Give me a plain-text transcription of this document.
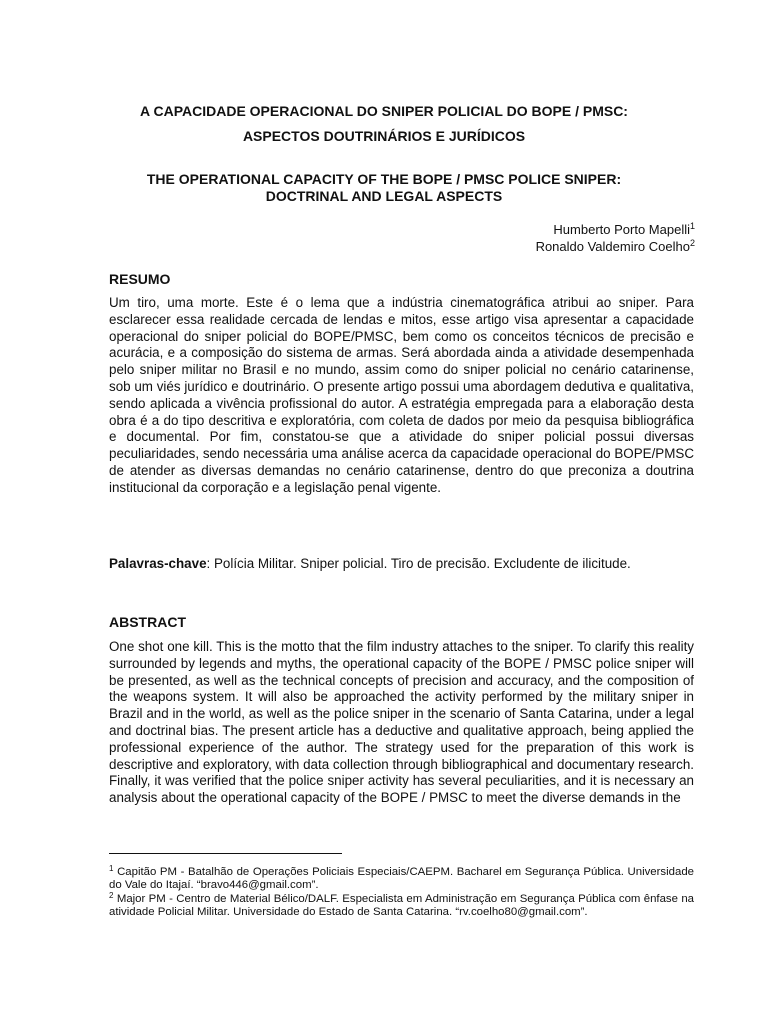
A CAPACIDADE OPERACIONAL DO SNIPER POLICIAL DO BOPE / PMSC:
ASPECTOS DOUTRINÁRIOS E JURÍDICOS
THE OPERATIONAL CAPACITY OF THE BOPE / PMSC POLICE SNIPER:
DOCTRINAL AND LEGAL ASPECTS
Humberto Porto Mapelli$^1$
Ronaldo Valdemiro Coelho$^2$
RESUMO
Um tiro, uma morte. Este é o lema que a indústria cinematográfica atribui ao sniper. Para esclarecer essa realidade cercada de lendas e mitos, esse artigo visa apresentar a capacidade operacional do sniper policial do BOPE/PMSC, bem como os conceitos técnicos de precisão e acurácia, e a composição do sistema de armas. Será abordada ainda a atividade desempenhada pelo sniper militar no Brasil e no mundo, assim como do sniper policial no cenário catarinense, sob um viés jurídico e doutrinário. O presente artigo possui uma abordagem dedutiva e qualitativa, sendo aplicada a vivência profissional do autor. A estratégia empregada para a elaboração desta obra é a do tipo descritiva e exploratória, com coleta de dados por meio da pesquisa bibliográfica e documental. Por fim, constatou-se que a atividade do sniper policial possui diversas peculiaridades, sendo necessária uma análise acerca da capacidade operacional do BOPE/PMSC de atender as diversas demandas no cenário catarinense, dentro do que preconiza a doutrina institucional da corporação e a legislação penal vigente.
Palavras-chave: Polícia Militar. Sniper policial. Tiro de precisão. Excludente de ilicitude.
ABSTRACT
One shot one kill. This is the motto that the film industry attaches to the sniper. To clarify this reality surrounded by legends and myths, the operational capacity of the BOPE / PMSC police sniper will be presented, as well as the technical concepts of precision and accuracy, and the composition of the weapons system. It will also be approached the activity performed by the military sniper in Brazil and in the world, as well as the police sniper in the scenario of Santa Catarina, under a legal and doctrinal bias. The present article has a deductive and qualitative approach, being applied the professional experience of the author. The strategy used for the preparation of this work is descriptive and exploratory, with data collection through bibliographical and documentary research. Finally, it was verified that the police sniper activity has several peculiarities, and it is necessary an analysis about the operational capacity of the BOPE / PMSC to meet the diverse demands in the
$^1$ Capitão PM - Batalhão de Operações Policiais Especiais/CAEPM. Bacharel em Segurança Pública. Universidade do Vale do Itajaí. “bravo446@gmail.com”.
$^2$ Major PM - Centro de Material Bélico/DALF. Especialista em Administração em Segurança Pública com ênfase na atividade Policial Militar. Universidade do Estado de Santa Catarina. “rv.coelho80@gmail.com”.
